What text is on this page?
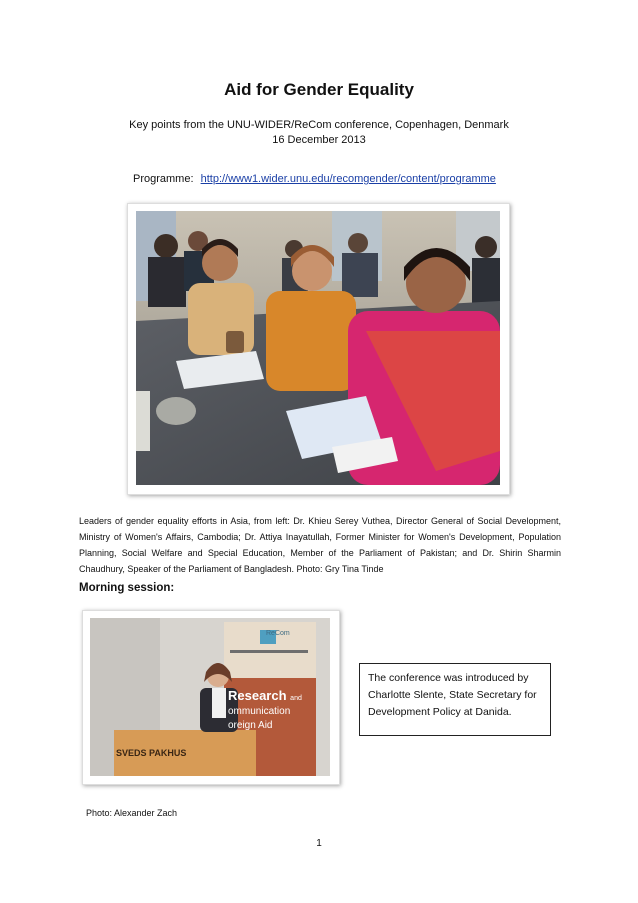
Aid for Gender Equality
Key points from the UNU-WIDER/ReCom conference, Copenhagen, Denmark
16 December 2013
Programme: http://www1.wider.unu.edu/recomgender/content/programme
Leaders of gender equality efforts in Asia, from left: Dr. Khieu Serey Vuthea, Director General of Social Development, Ministry of Women's Affairs, Cambodia; Dr. Attiya Inayatullah, Former Minister for Women's Development, Population Planning, Social Welfare and Special Education, Member of the Parliament of Pakistan; and Dr. Shirin Sharmin Chaudhury, Speaker of the Parliament of Bangladesh. Photo: Gry Tina Tinde
Morning session:
ReCom
Research and
ommunication
oreign Aid
SVEDS PAKHUS
The conference was introduced by Charlotte Slente, State Secretary for Development Policy at Danida.
Photo: Alexander Zach
1
